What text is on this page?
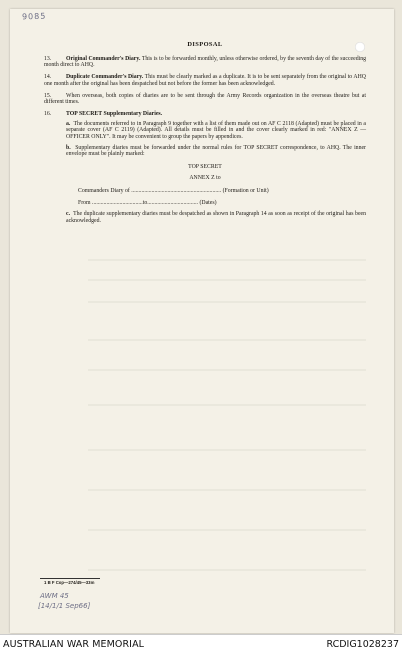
9085
DISPOSAL

13.	Original Commander's Diary. This is to be forwarded monthly, unless otherwise ordered, by the seventh day of the succeeding month direct to AHQ.

14.	Duplicate Commander's Diary. This must be clearly marked as a duplicate. It is to be sent separately from the original to AHQ one month after the original has been despatched but not before the former has been acknowledged.

15.	When overseas, both copies of diaries are to be sent through the Army Records organization in the overseas theatre but at different times.

16.	TOP SECRET Supplementary Diaries.

a. The documents referred to in Paragraph 9 together with a list of them made out on AF C 2118 (Adapted) must be placed in a separate cover (AF C 2119) (Adapted). All details must be filled in and the cover clearly marked in red: "ANNEX Z — OFFICER ONLY". It may be convenient to group the papers by appendices.

b. Supplementary diaries must be forwarded under the normal rules for TOP SECRET correspondence, to AHQ. The inner envelope must be plainly marked:

TOP SECRET
ANNEX Z to
Commanders Diary of .............................................................. (Formation or Unit)
From ...................................to................................... (Dates)

c. The duplicate supplementary diaries must be despatched as shown in Paragraph 14 as soon as receipt of the original has been acknowledged.

1 B F Cop—274/45—33m
AWM 45
[14/1/1 Sep66]
AUSTRALIAN WAR MEMORIAL	RCDIG1028237
